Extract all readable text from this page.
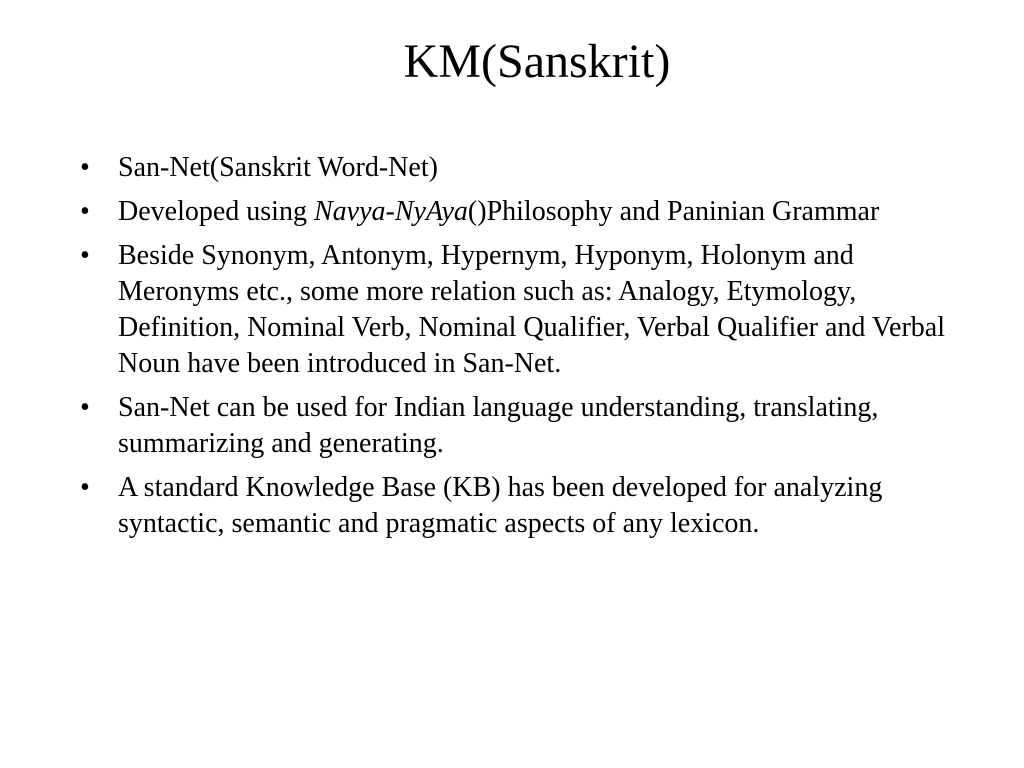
KM(Sanskrit)
• San-Net(Sanskrit Word-Net)
• Developed using Navya-NyAya()Philosophy and Paninian Grammar
• Beside Synonym, Antonym, Hypernym, Hyponym, Holonym and Meronyms etc., some more relation such as: Analogy, Etymology, Definition, Nominal Verb, Nominal Qualifier, Verbal Qualifier and Verbal Noun have been introduced in San-Net.
• San-Net can be used for Indian language understanding, translating, summarizing and generating.
• A standard Knowledge Base (KB) has been developed for analyzing syntactic, semantic and pragmatic aspects of any lexicon.
